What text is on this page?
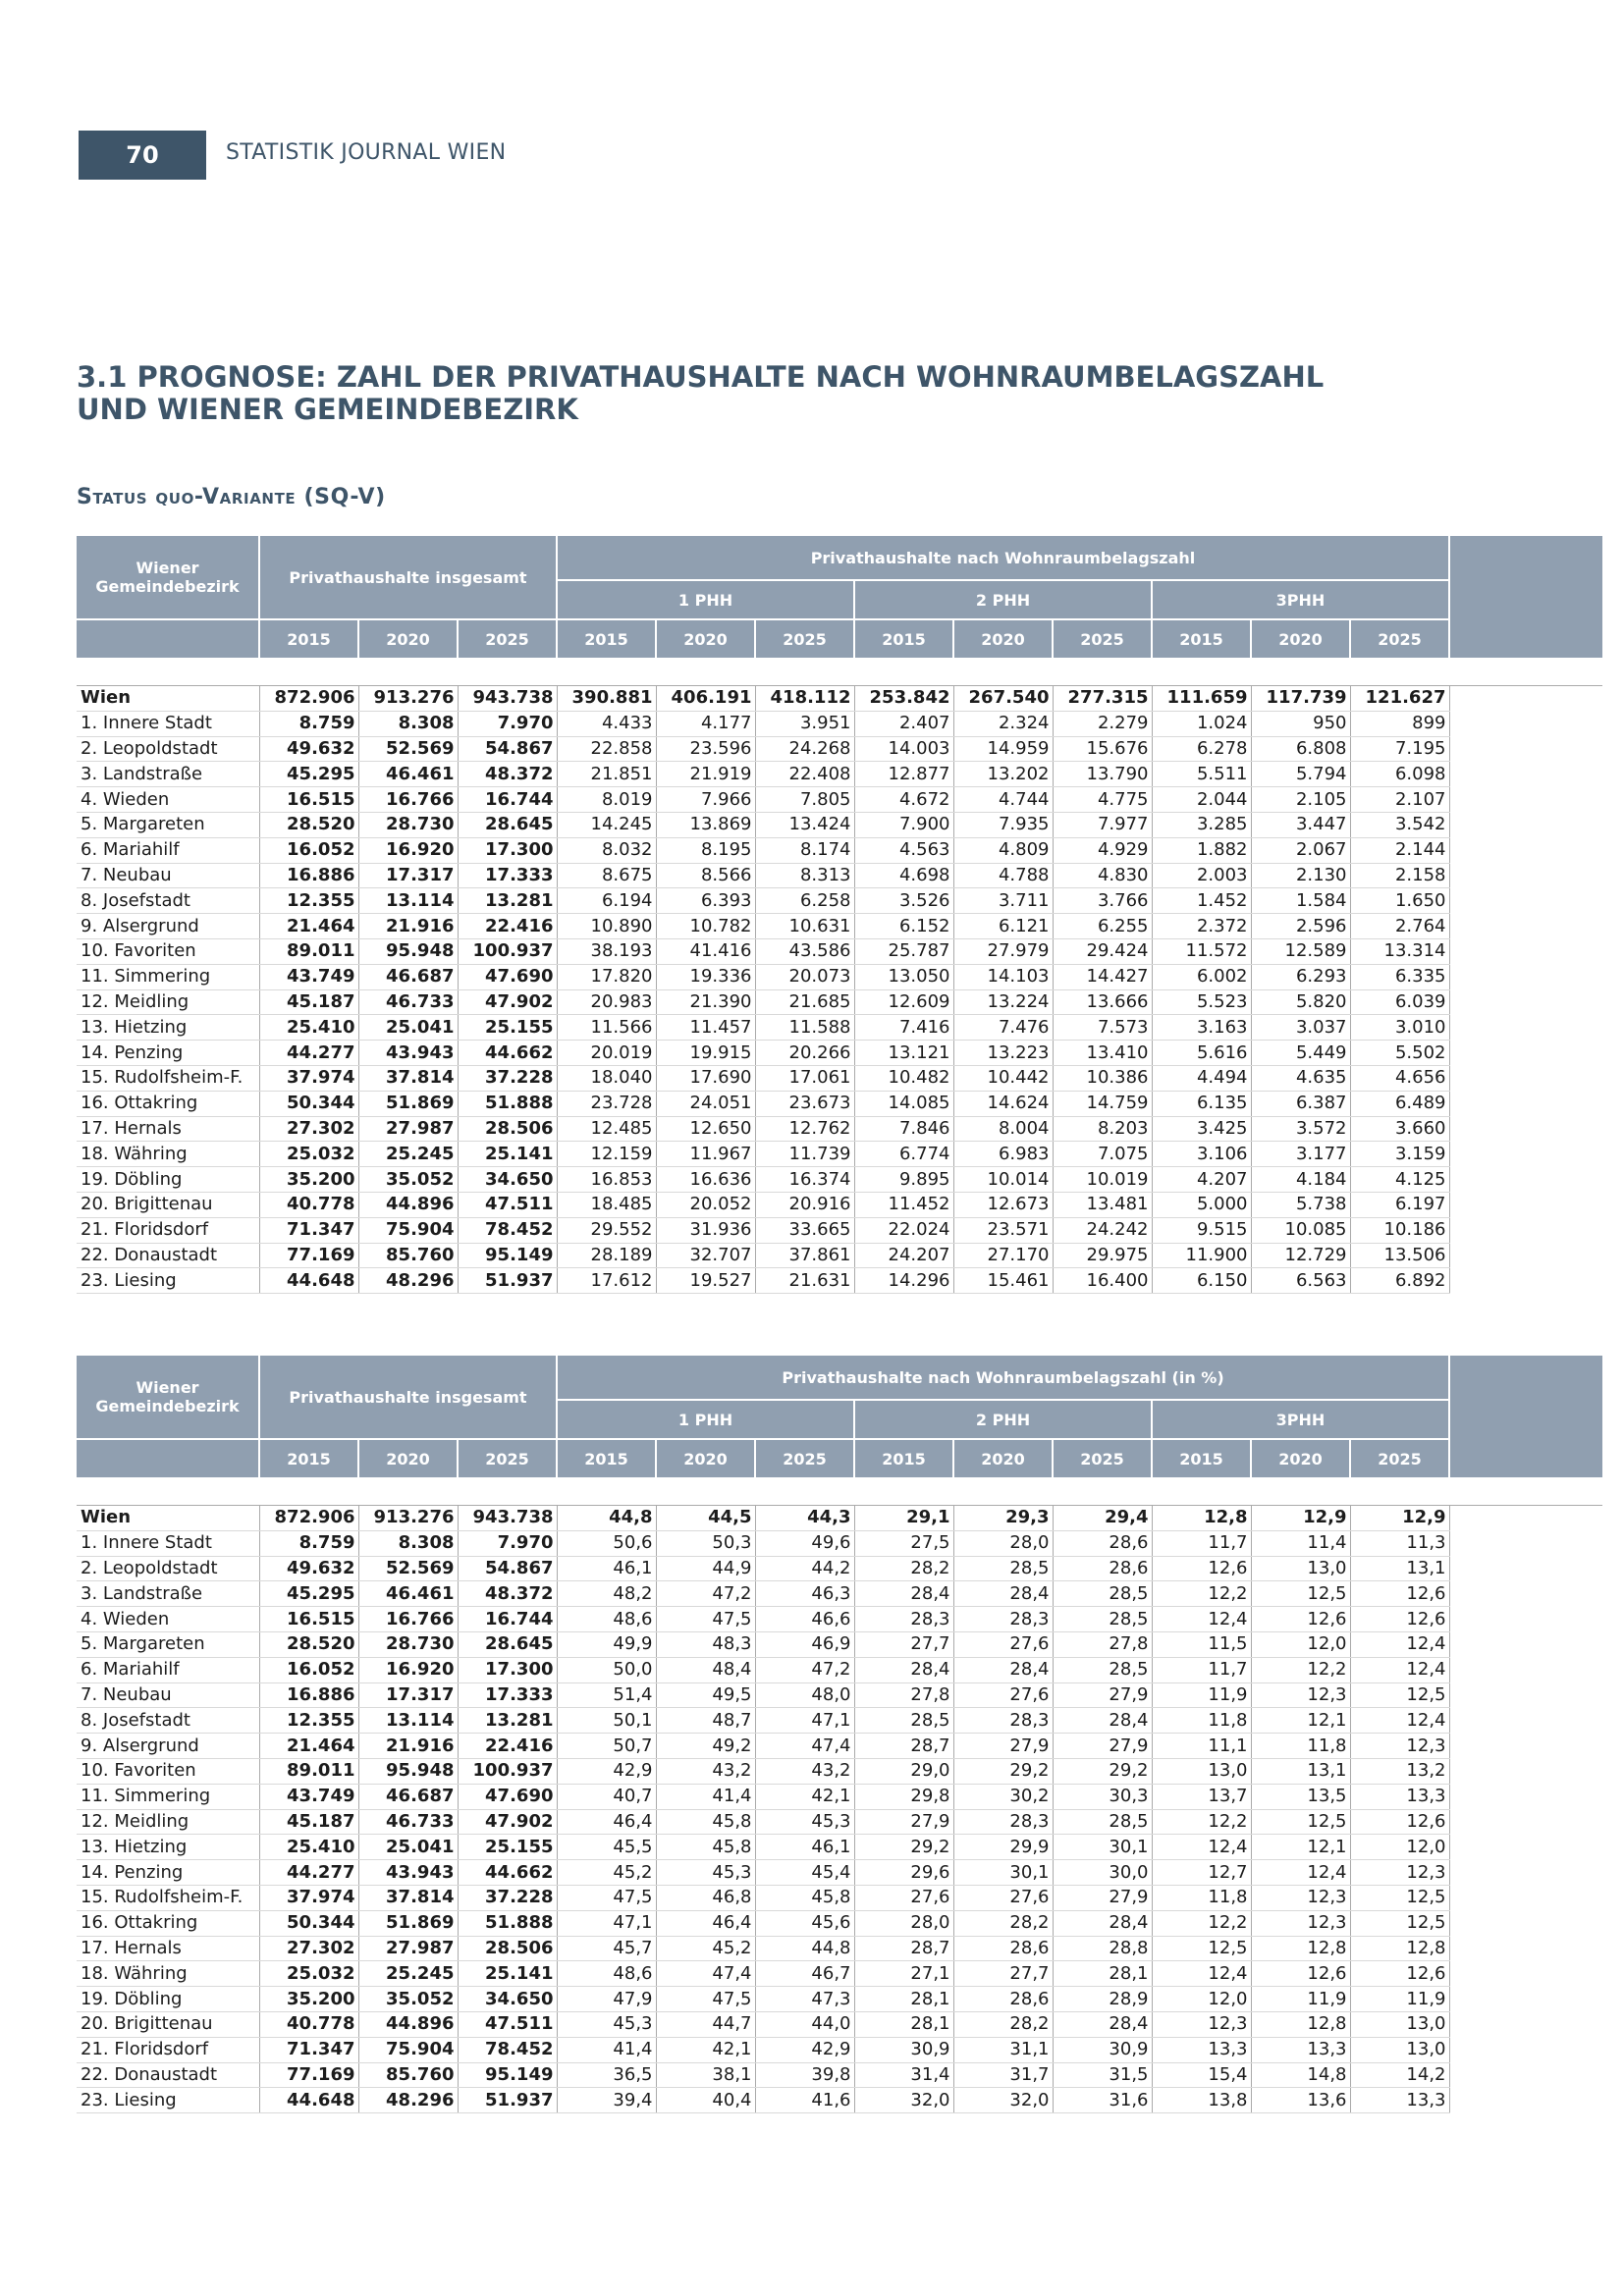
70	STATISTIK JOURNAL WIEN
3.1 PROGNOSE: ZAHL DER PRIVATHAUSHALTE NACH WOHNRAUMBELAGSZAHL
UND WIENER GEMEINDEBEZIRK
Status quo-Variante (SQ-V)
Wiener Gemeindebezirk	Privathaushalte insgesamt			Privathaushalte nach Wohnraumbelagszahl									
				1 PHH			2 PHH			3PHH			
	2015	2020	2025	2015	2020	2025	2015	2020	2025	2015	2020	2025	

Wien	872.906	913.276	943.738	390.881	406.191	418.112	253.842	267.540	277.315	111.659	117.739	121.627	
1. Innere Stadt	8.759	8.308	7.970	4.433	4.177	3.951	2.407	2.324	2.279	1.024	950	899	
2. Leopoldstadt	49.632	52.569	54.867	22.858	23.596	24.268	14.003	14.959	15.676	6.278	6.808	7.195	
3. Landstraße	45.295	46.461	48.372	21.851	21.919	22.408	12.877	13.202	13.790	5.511	5.794	6.098	
4. Wieden	16.515	16.766	16.744	8.019	7.966	7.805	4.672	4.744	4.775	2.044	2.105	2.107	
5. Margareten	28.520	28.730	28.645	14.245	13.869	13.424	7.900	7.935	7.977	3.285	3.447	3.542	
6. Mariahilf	16.052	16.920	17.300	8.032	8.195	8.174	4.563	4.809	4.929	1.882	2.067	2.144	
7. Neubau	16.886	17.317	17.333	8.675	8.566	8.313	4.698	4.788	4.830	2.003	2.130	2.158	
8. Josefstadt	12.355	13.114	13.281	6.194	6.393	6.258	3.526	3.711	3.766	1.452	1.584	1.650	
9. Alsergrund	21.464	21.916	22.416	10.890	10.782	10.631	6.152	6.121	6.255	2.372	2.596	2.764	
10. Favoriten	89.011	95.948	100.937	38.193	41.416	43.586	25.787	27.979	29.424	11.572	12.589	13.314	
11. Simmering	43.749	46.687	47.690	17.820	19.336	20.073	13.050	14.103	14.427	6.002	6.293	6.335	
12. Meidling	45.187	46.733	47.902	20.983	21.390	21.685	12.609	13.224	13.666	5.523	5.820	6.039	
13. Hietzing	25.410	25.041	25.155	11.566	11.457	11.588	7.416	7.476	7.573	3.163	3.037	3.010	
14. Penzing	44.277	43.943	44.662	20.019	19.915	20.266	13.121	13.223	13.410	5.616	5.449	5.502	
15. Rudolfsheim-F.	37.974	37.814	37.228	18.040	17.690	17.061	10.482	10.442	10.386	4.494	4.635	4.656	
16. Ottakring	50.344	51.869	51.888	23.728	24.051	23.673	14.085	14.624	14.759	6.135	6.387	6.489	
17. Hernals	27.302	27.987	28.506	12.485	12.650	12.762	7.846	8.004	8.203	3.425	3.572	3.660	
18. Währing	25.032	25.245	25.141	12.159	11.967	11.739	6.774	6.983	7.075	3.106	3.177	3.159	
19. Döbling	35.200	35.052	34.650	16.853	16.636	16.374	9.895	10.014	10.019	4.207	4.184	4.125	
20. Brigittenau	40.778	44.896	47.511	18.485	20.052	20.916	11.452	12.673	13.481	5.000	5.738	6.197	
21. Floridsdorf	71.347	75.904	78.452	29.552	31.936	33.665	22.024	23.571	24.242	9.515	10.085	10.186	
22. Donaustadt	77.169	85.760	95.149	28.189	32.707	37.861	24.207	27.170	29.975	11.900	12.729	13.506	
23. Liesing	44.648	48.296	51.937	17.612	19.527	21.631	14.296	15.461	16.400	6.150	6.563	6.892	
Wiener Gemeindebezirk	Privathaushalte insgesamt			Privathaushalte nach Wohnraumbelagszahl (in %)									
				1 PHH			2 PHH			3PHH			
	2015	2020	2025	2015	2020	2025	2015	2020	2025	2015	2020	2025	

Wien	872.906	913.276	943.738	44,8	44,5	44,3	29,1	29,3	29,4	12,8	12,9	12,9	
1. Innere Stadt	8.759	8.308	7.970	50,6	50,3	49,6	27,5	28,0	28,6	11,7	11,4	11,3	
2. Leopoldstadt	49.632	52.569	54.867	46,1	44,9	44,2	28,2	28,5	28,6	12,6	13,0	13,1	
3. Landstraße	45.295	46.461	48.372	48,2	47,2	46,3	28,4	28,4	28,5	12,2	12,5	12,6	
4. Wieden	16.515	16.766	16.744	48,6	47,5	46,6	28,3	28,3	28,5	12,4	12,6	12,6	
5. Margareten	28.520	28.730	28.645	49,9	48,3	46,9	27,7	27,6	27,8	11,5	12,0	12,4	
6. Mariahilf	16.052	16.920	17.300	50,0	48,4	47,2	28,4	28,4	28,5	11,7	12,2	12,4	
7. Neubau	16.886	17.317	17.333	51,4	49,5	48,0	27,8	27,6	27,9	11,9	12,3	12,5	
8. Josefstadt	12.355	13.114	13.281	50,1	48,7	47,1	28,5	28,3	28,4	11,8	12,1	12,4	
9. Alsergrund	21.464	21.916	22.416	50,7	49,2	47,4	28,7	27,9	27,9	11,1	11,8	12,3	
10. Favoriten	89.011	95.948	100.937	42,9	43,2	43,2	29,0	29,2	29,2	13,0	13,1	13,2	
11. Simmering	43.749	46.687	47.690	40,7	41,4	42,1	29,8	30,2	30,3	13,7	13,5	13,3	
12. Meidling	45.187	46.733	47.902	46,4	45,8	45,3	27,9	28,3	28,5	12,2	12,5	12,6	
13. Hietzing	25.410	25.041	25.155	45,5	45,8	46,1	29,2	29,9	30,1	12,4	12,1	12,0	
14. Penzing	44.277	43.943	44.662	45,2	45,3	45,4	29,6	30,1	30,0	12,7	12,4	12,3	
15. Rudolfsheim-F.	37.974	37.814	37.228	47,5	46,8	45,8	27,6	27,6	27,9	11,8	12,3	12,5	
16. Ottakring	50.344	51.869	51.888	47,1	46,4	45,6	28,0	28,2	28,4	12,2	12,3	12,5	
17. Hernals	27.302	27.987	28.506	45,7	45,2	44,8	28,7	28,6	28,8	12,5	12,8	12,8	
18. Währing	25.032	25.245	25.141	48,6	47,4	46,7	27,1	27,7	28,1	12,4	12,6	12,6	
19. Döbling	35.200	35.052	34.650	47,9	47,5	47,3	28,1	28,6	28,9	12,0	11,9	11,9	
20. Brigittenau	40.778	44.896	47.511	45,3	44,7	44,0	28,1	28,2	28,4	12,3	12,8	13,0	
21. Floridsdorf	71.347	75.904	78.452	41,4	42,1	42,9	30,9	31,1	30,9	13,3	13,3	13,0	
22. Donaustadt	77.169	85.760	95.149	36,5	38,1	39,8	31,4	31,7	31,5	15,4	14,8	14,2	
23. Liesing	44.648	48.296	51.937	39,4	40,4	41,6	32,0	32,0	31,6	13,8	13,6	13,3	
